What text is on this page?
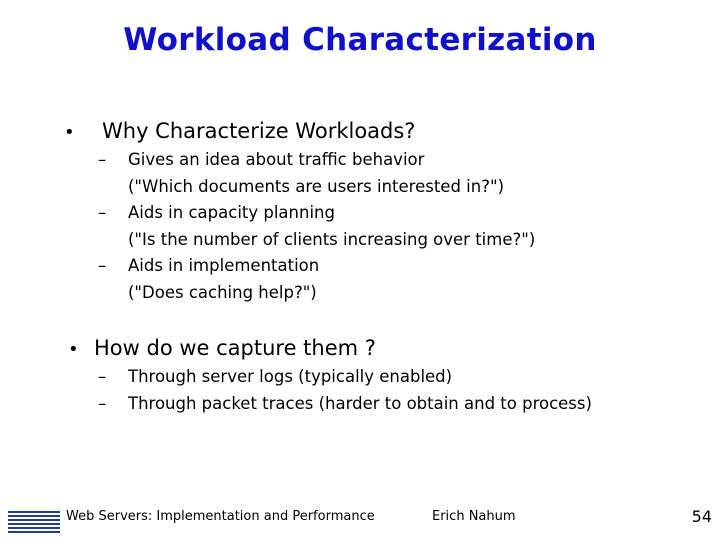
Workload Characterization
•	Why Characterize Workloads?
–	Gives an idea about traffic behavior
("Which documents are users interested in?")
–	Aids in capacity planning
("Is the number of clients increasing over time?")
–	Aids in implementation
("Does caching help?")
• How do we capture them ?
–	Through server logs (typically enabled)
–	Through packet traces (harder to obtain and to process)
Web Servers: Implementation and Performance	Erich Nahum	54
